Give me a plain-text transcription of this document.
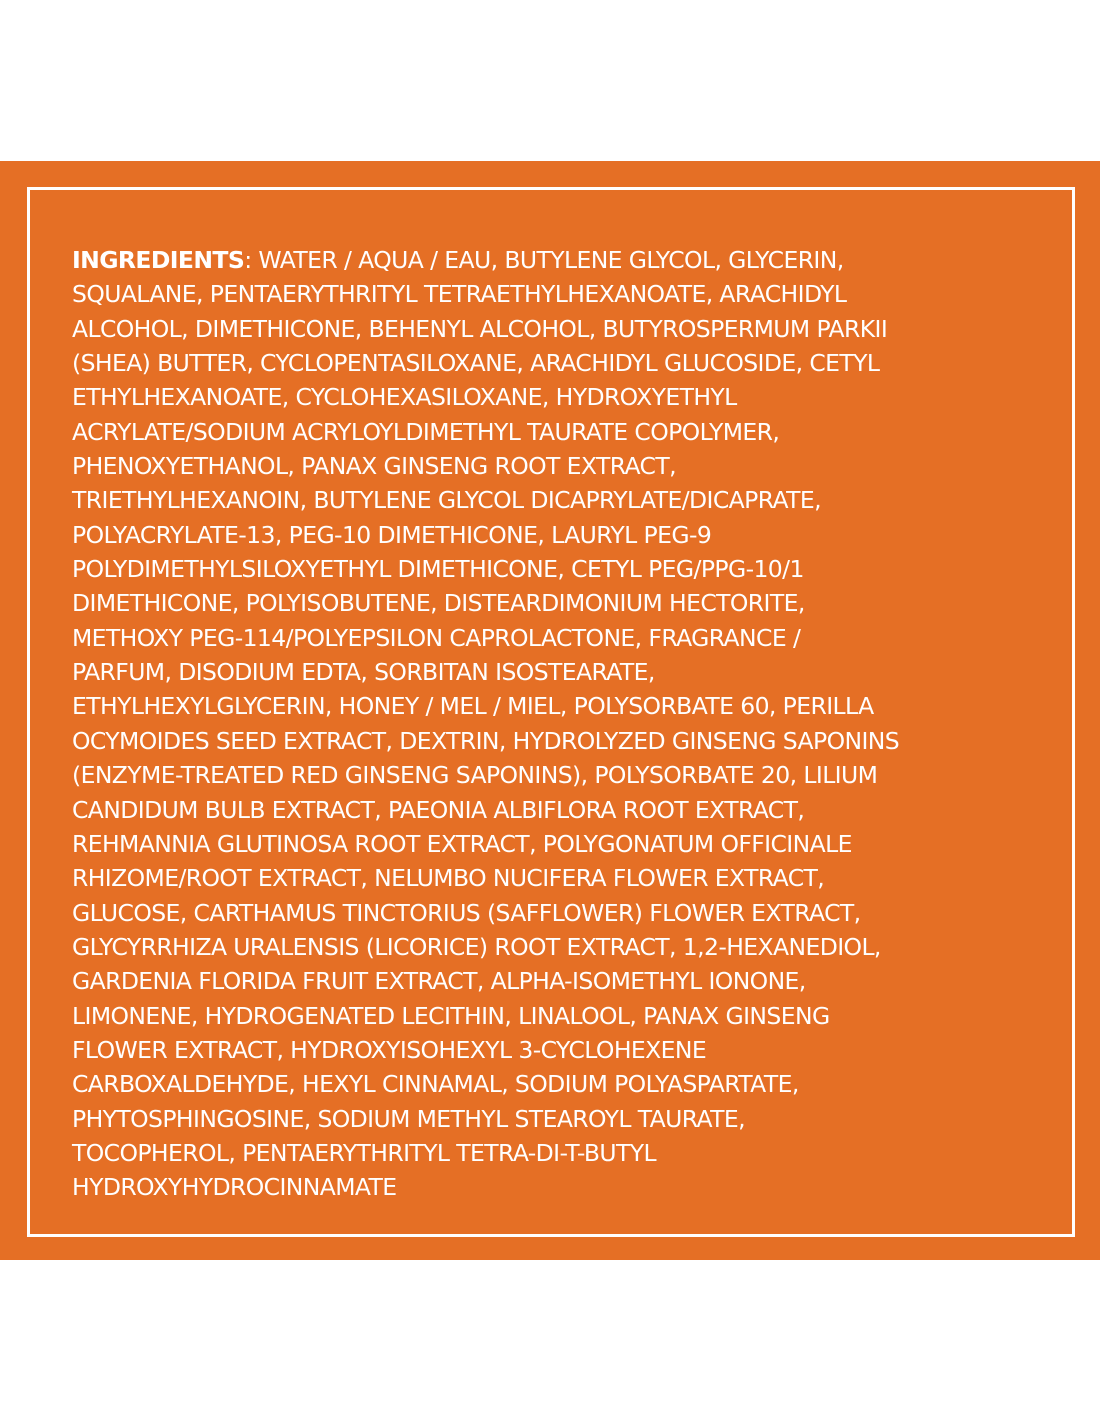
INGREDIENTS: WATER / AQUA / EAU, BUTYLENE GLYCOL, GLYCERIN,
SQUALANE, PENTAERYTHRITYL TETRAETHYLHEXANOATE, ARACHIDYL
ALCOHOL, DIMETHICONE, BEHENYL ALCOHOL, BUTYROSPERMUM PARKII
(SHEA) BUTTER, CYCLOPENTASILOXANE, ARACHIDYL GLUCOSIDE, CETYL
ETHYLHEXANOATE, CYCLOHEXASILOXANE, HYDROXYETHYL
ACRYLATE/SODIUM ACRYLOYLDIMETHYL TAURATE COPOLYMER,
PHENOXYETHANOL, PANAX GINSENG ROOT EXTRACT,
TRIETHYLHEXANOIN, BUTYLENE GLYCOL DICAPRYLATE/DICAPRATE,
POLYACRYLATE-13, PEG-10 DIMETHICONE, LAURYL PEG-9
POLYDIMETHYLSILOXYETHYL DIMETHICONE, CETYL PEG/PPG-10/1
DIMETHICONE, POLYISOBUTENE, DISTEARDIMONIUM HECTORITE,
METHOXY PEG-114/POLYEPSILON CAPROLACTONE, FRAGRANCE /
PARFUM, DISODIUM EDTA, SORBITAN ISOSTEARATE,
ETHYLHEXYLGLYCERIN, HONEY / MEL / MIEL, POLYSORBATE 60, PERILLA
OCYMOIDES SEED EXTRACT, DEXTRIN, HYDROLYZED GINSENG SAPONINS
(ENZYME-TREATED RED GINSENG SAPONINS), POLYSORBATE 20, LILIUM
CANDIDUM BULB EXTRACT, PAEONIA ALBIFLORA ROOT EXTRACT,
REHMANNIA GLUTINOSA ROOT EXTRACT, POLYGONATUM OFFICINALE
RHIZOME/ROOT EXTRACT, NELUMBO NUCIFERA FLOWER EXTRACT,
GLUCOSE, CARTHAMUS TINCTORIUS (SAFFLOWER) FLOWER EXTRACT,
GLYCYRRHIZA URALENSIS (LICORICE) ROOT EXTRACT, 1,2-HEXANEDIOL,
GARDENIA FLORIDA FRUIT EXTRACT, ALPHA-ISOMETHYL IONONE,
LIMONENE, HYDROGENATED LECITHIN, LINALOOL, PANAX GINSENG
FLOWER EXTRACT, HYDROXYISOHEXYL 3-CYCLOHEXENE
CARBOXALDEHYDE, HEXYL CINNAMAL, SODIUM POLYASPARTATE,
PHYTOSPHINGOSINE, SODIUM METHYL STEAROYL TAURATE,
TOCOPHEROL, PENTAERYTHRITYL TETRA-DI-T-BUTYL
HYDROXYHYDROCINNAMATE
